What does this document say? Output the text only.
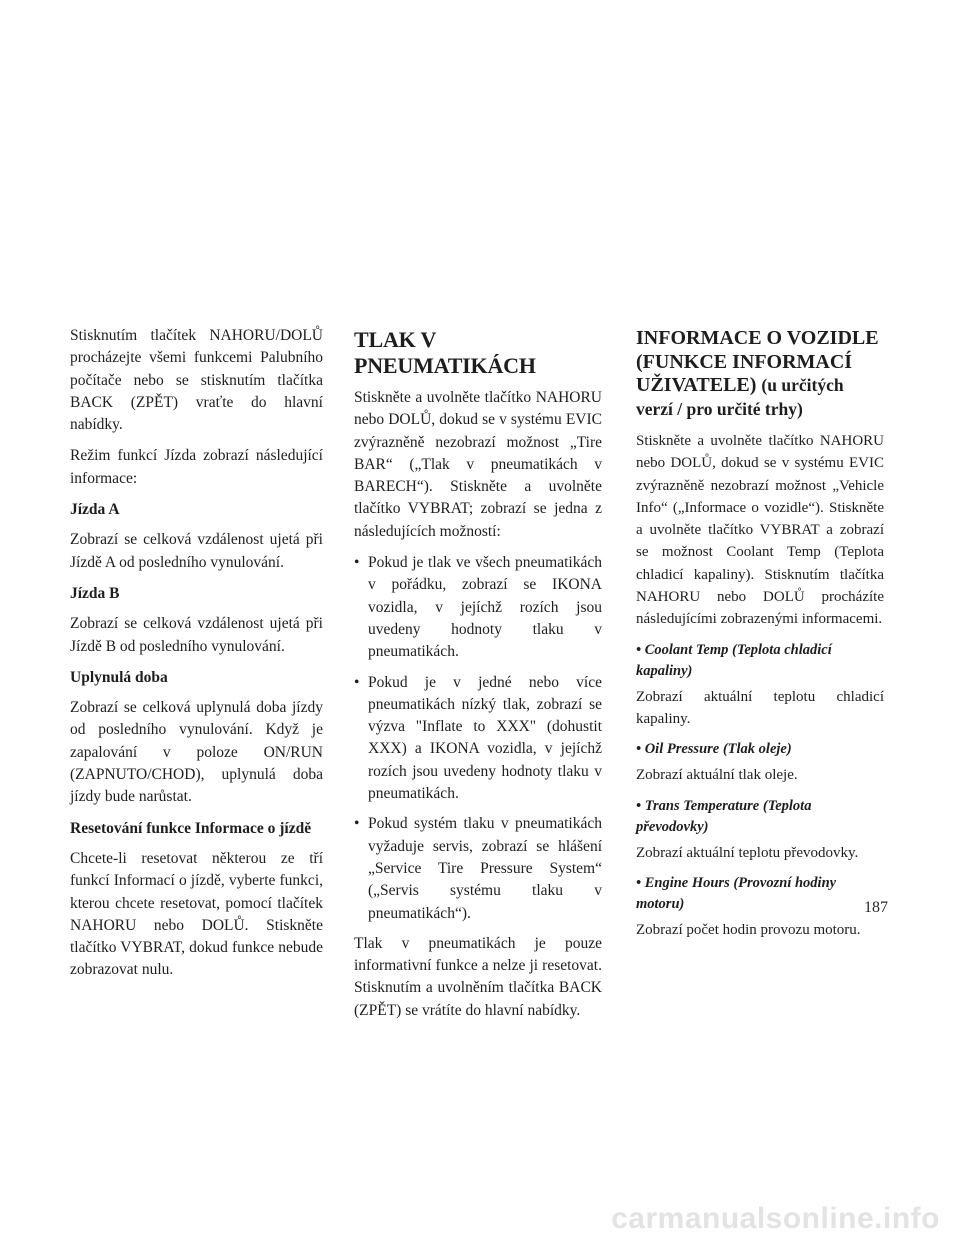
Stisknutím tlačítek NAHORU/DOLŮ procházejte všemi funkcemi Palubního počítače nebo se stisknutím tlačítka BACK (ZPĚT) vraťte do hlavní nabídky.

Režim funkcí Jízda zobrazí následující informace:

Jízda A

Zobrazí se celková vzdálenost ujetá při Jízdě A od posledního vynulování.

Jízda B

Zobrazí se celková vzdálenost ujetá při Jízdě B od posledního vynulování.

Uplynulá doba

Zobrazí se celková uplynulá doba jízdy od posledního vynulování. Když je zapalování v poloze ON/RUN (ZAPNUTO/CHOD), uplynulá doba jízdy bude narůstat.

Resetování funkce Informace o jízdě

Chcete-li resetovat některou ze tří funkcí Informací o jízdě, vyberte funkci, kterou chcete resetovat, pomocí tlačítek NAHORU nebo DOLŮ. Stiskněte tlačítko VYBRAT, dokud funkce nebude zobrazovat nulu.

TLAK V PNEUMATIKÁCH

Stiskněte a uvolněte tlačítko NAHORU nebo DOLŮ, dokud se v systému EVIC zvýrazněně nezobrazí možnost „Tire BAR“ („Tlak v pneumatikách v BARECH“). Stiskněte a uvolněte tlačítko VYBRAT; zobrazí se jedna z následujících možností:

• Pokud je tlak ve všech pneumatikách v pořádku, zobrazí se IKONA vozidla, v jejíchž rozích jsou uvedeny hodnoty tlaku v pneumatikách.
• Pokud je v jedné nebo více pneumatikách nízký tlak, zobrazí se výzva "Inflate to XXX" (dohustit XXX) a IKONA vozidla, v jejíchž rozích jsou uvedeny hodnoty tlaku v pneumatikách.
• Pokud systém tlaku v pneumatikách vyžaduje servis, zobrazí se hlášení „Service Tire Pressure System“ („Servis systému tlaku v pneumatikách“).

Tlak v pneumatikách je pouze informativní funkce a nelze ji resetovat. Stisknutím a uvolněním tlačítka BACK (ZPĚT) se vrátíte do hlavní nabídky.

INFORMACE O VOZIDLE (FUNKCE INFORMACÍ UŽIVATELE) (u určitých verzí / pro určité trhy)

Stiskněte a uvolněte tlačítko NAHORU nebo DOLŮ, dokud se v systému EVIC zvýrazněně nezobrazí možnost „Vehicle Info“ („Informace o vozidle“). Stiskněte a uvolněte tlačítko VYBRAT a zobrazí se možnost Coolant Temp (Teplota chladicí kapaliny). Stisknutím tlačítka NAHORU nebo DOLŮ procházíte následujícími zobrazenými informacemi.

• Coolant Temp (Teplota chladicí kapaliny)

Zobrazí aktuální teplotu chladicí kapaliny.

• Oil Pressure (Tlak oleje)

Zobrazí aktuální tlak oleje.

• Trans Temperature (Teplota převodovky)

Zobrazí aktuální teplotu převodovky.

• Engine Hours (Provozní hodiny motoru)

Zobrazí počet hodin provozu motoru.

187
carmanualsonline.info
